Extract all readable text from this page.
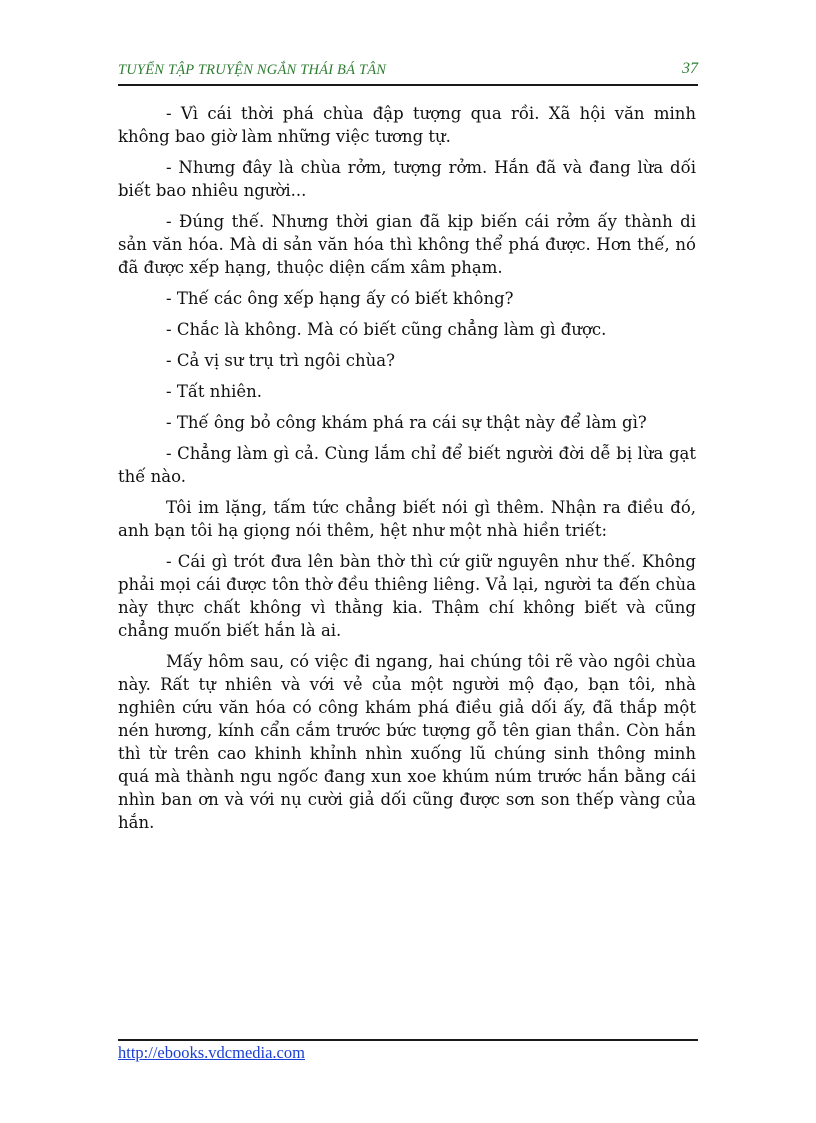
TUYỂN TẬP TRUYỆN NGẮN THÁI BÁ TÂN	37

- Vì cái thời phá chùa đập tượng qua rồi. Xã hội văn minh không bao giờ làm những việc tương tự.

- Nhưng đây là chùa rởm, tượng rởm. Hắn đã và đang lừa dối biết bao nhiêu người...

- Đúng thế. Nhưng thời gian đã kịp biến cái rởm ấy thành di sản văn hóa. Mà di sản văn hóa thì không thể phá được. Hơn thế, nó đã được xếp hạng, thuộc diện cấm xâm phạm.

- Thế các ông xếp hạng ấy có biết không?

- Chắc là không. Mà có biết cũng chẳng làm gì được.

- Cả vị sư trụ trì ngôi chùa?

- Tất nhiên.

- Thế ông bỏ công khám phá ra cái sự thật này để làm gì?

- Chẳng làm gì cả. Cùng lắm chỉ để biết người đời dễ bị lừa gạt thế nào.

Tôi im lặng, tấm tức chẳng biết nói gì thêm. Nhận ra điều đó, anh bạn tôi hạ giọng nói thêm, hệt như một nhà hiền triết:

- Cái gì trót đưa lên bàn thờ thì cứ giữ nguyên như thế. Không phải mọi cái được tôn thờ đều thiêng liêng. Vả lại, người ta đến chùa này thực chất không vì thằng kia. Thậm chí không biết và cũng chẳng muốn biết hắn là ai.

Mấy hôm sau, có việc đi ngang, hai chúng tôi rẽ vào ngôi chùa này. Rất tự nhiên và với vẻ của một người mộ đạo, bạn tôi, nhà nghiên cứu văn hóa có công khám phá điều giả dối ấy, đã thắp một nén hương, kính cẩn cắm trước bức tượng gỗ tên gian thần. Còn hắn thì từ trên cao khinh khỉnh nhìn xuống lũ chúng sinh thông minh quá mà thành ngu ngốc đang xun xoe khúm núm trước hắn bằng cái nhìn ban ơn và với nụ cười giả dối cũng được sơn son thếp vàng của hắn.

http://ebooks.vdcmedia.com
